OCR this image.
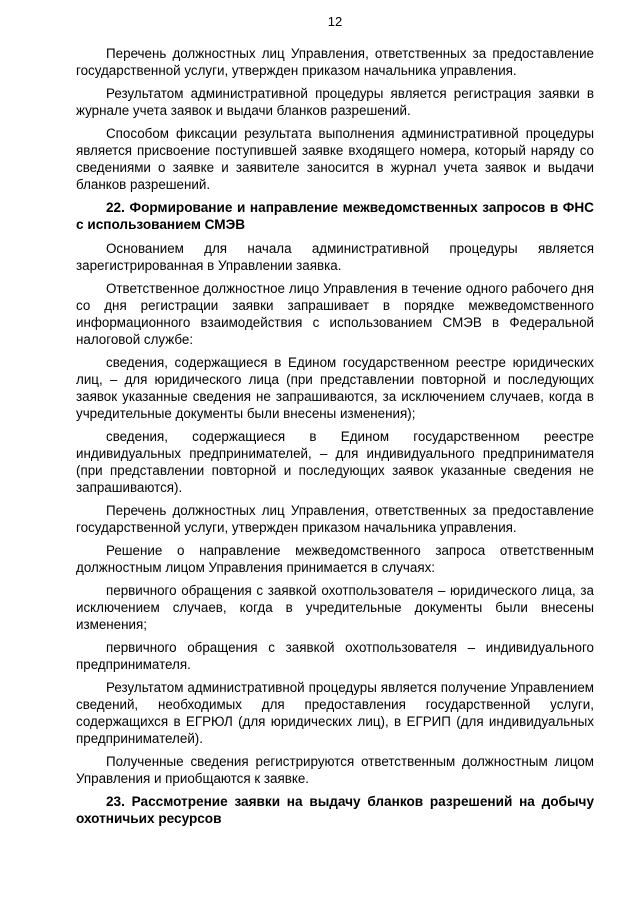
12

Перечень должностных лиц Управления, ответственных за предоставление государственной услуги, утвержден приказом начальника управления.

Результатом административной процедуры является регистрация заявки в журнале учета заявок и выдачи бланков разрешений.

Способом фиксации результата выполнения административной процедуры является присвоение поступившей заявке входящего номера, который наряду со сведениями о заявке и заявителе заносится в журнал учета заявок и выдачи бланков разрешений.

22. Формирование и направление межведомственных запросов в ФНС с использованием СМЭВ

Основанием для начала административной процедуры является зарегистрированная в Управлении заявка.

Ответственное должностное лицо Управления в течение одного рабочего дня со дня регистрации заявки запрашивает в порядке межведомственного информационного взаимодействия с использованием СМЭВ в Федеральной налоговой службе:

сведения, содержащиеся в Едином государственном реестре юридических лиц, – для юридического лица (при представлении повторной и последующих заявок указанные сведения не запрашиваются, за исключением случаев, когда в учредительные документы были внесены изменения);

сведения, содержащиеся в Едином государственном реестре индивидуальных предпринимателей, – для индивидуального предпринимателя (при представлении повторной и последующих заявок указанные сведения не запрашиваются).

Перечень должностных лиц Управления, ответственных за предоставление государственной услуги, утвержден приказом начальника управления.

Решение о направление межведомственного запроса ответственным должностным лицом Управления принимается в случаях:

первичного обращения с заявкой охотпользователя – юридического лица, за исключением случаев, когда в учредительные документы были внесены изменения;

первичного обращения с заявкой охотпользователя – индивидуального предпринимателя.

Результатом административной процедуры является получение Управлением сведений, необходимых для предоставления государственной услуги, содержащихся в ЕГРЮЛ (для юридических лиц), в ЕГРИП (для индивидуальных предпринимателей).

Полученные сведения регистрируются ответственным должностным лицом Управления и приобщаются к заявке.

23. Рассмотрение заявки на выдачу бланков разрешений на добычу охотничьих ресурсов
